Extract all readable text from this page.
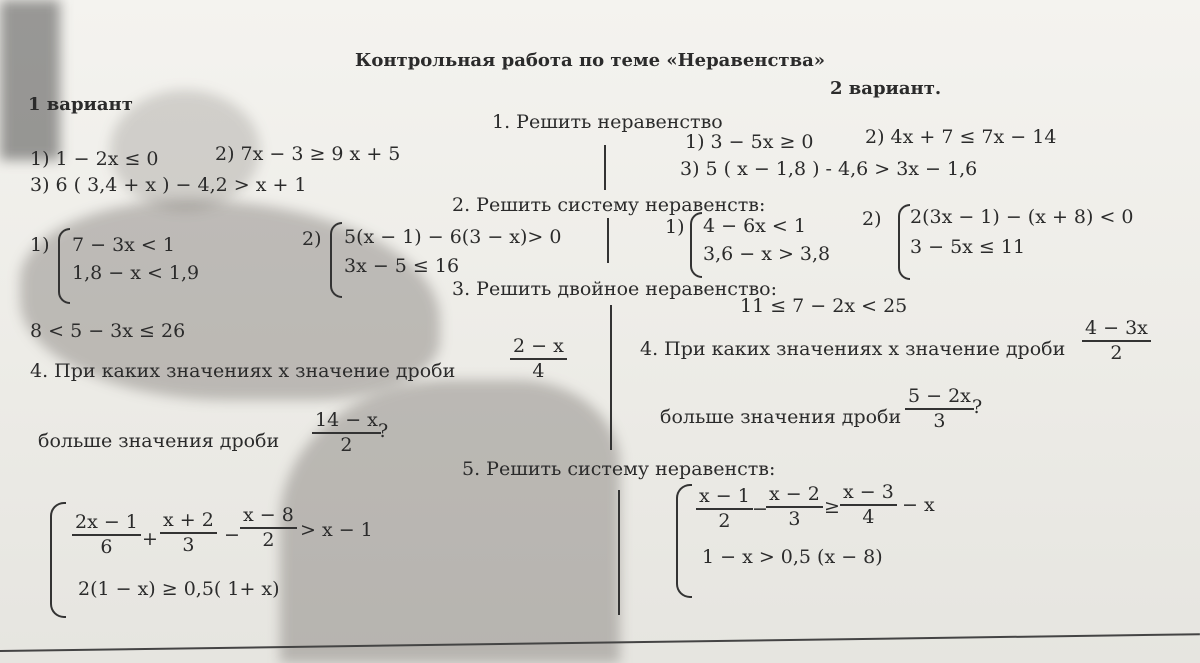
Контрольная работа по теме «Неравенства»
1 вариант
2 вариант.
1. Решить неравенство
1) 1 − 2x ≤ 0	2) 7x − 3 ≥ 9 x + 5
3) 6 ( 3,4 + x ) − 4,2 > x + 1
1) 3 − 5x ≥ 0	2) 4x + 7 ≤ 7x − 14
3) 5 ( x − 1,8 ) - 4,6 > 3x − 1,6
2. Решить систему неравенств:
1) 7 − 3x < 1
1,8 − x < 1,9
2) 5(x − 1) − 6(3 − x)> 0
3x − 5 ≤ 16
1) 4 − 6x < 1
3,6 − x > 3,8
2) 2(3x − 1) − (x + 8) < 0
3 − 5x ≤ 11
3. Решить двойное неравенство:
8 < 5 − 3x ≤ 26
11 ≤ 7 − 2x < 25
4. При каких значениях x значение дроби	$\frac{2 - x}{4}$
больше значения дроби $\frac{14 - x}{2}$
?
4. При каких значениях x значение дроби $\frac{4 - 3x}{2}$
больше значения дроби $\frac{5 - 2x}{3}$
?
5. Решить систему неравенств:
$\frac{2x - 1}{6} + \frac{x + 2}{3} - \frac{x - 8}{2} > x - 1$
2(1 − x) ≥ 0,5( 1+ x)
$\frac{x - 1}{2}$ −
$\frac{x - 2}{3} \ge \frac{x - 3}{4} - x$
1 − x > 0,5 (x − 8)
